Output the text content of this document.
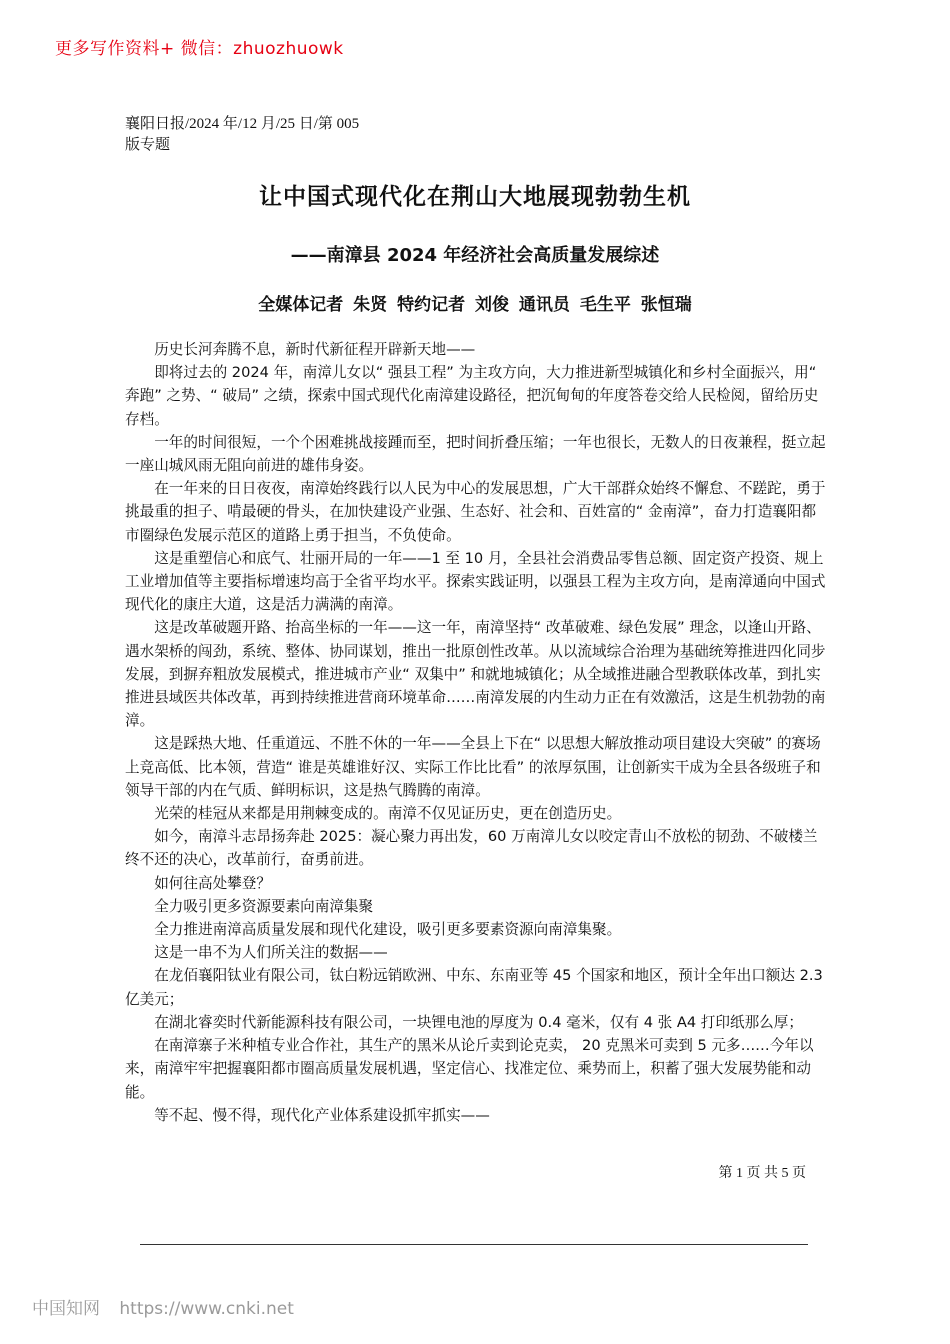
更多写作资料+ 微信：zhuozhuowk
襄阳日报/2024 年/12 月/25 日/第 005
版专题
让中国式现代化在荆山大地展现勃勃生机
——南漳县 2024 年经济社会高质量发展综述
全媒体记者 朱贤 特约记者 刘俊 通讯员 毛生平 张恒瑞

历史长河奔腾不息，新时代新征程开辟新天地——

即将过去的 2024 年，南漳儿女以“ 强县工程” 为主攻方向，大力推进新型城镇化和乡村全面振兴，用“ 奔跑” 之势、“ 破局” 之绩，探索中国式现代化南漳建设路径，把沉甸甸的年度答卷交给人民检阅，留给历史存档。

一年的时间很短，一个个困难挑战接踵而至，把时间折叠压缩；一年也很长，无数人的日夜兼程，挺立起一座山城风雨无阻向前进的雄伟身姿。

在一年来的日日夜夜，南漳始终践行以人民为中心的发展思想，广大干部群众始终不懈怠、不蹉跎，勇于挑最重的担子、啃最硬的骨头，在加快建设产业强、生态好、社会和、百姓富的“ 金南漳”，奋力打造襄阳都市圈绿色发展示范区的道路上勇于担当，不负使命。

这是重塑信心和底气、壮丽开局的一年——1 至 10 月，全县社会消费品零售总额、固定资产投资、规上工业增加值等主要指标增速均高于全省平均水平。探索实践证明，以强县工程为主攻方向，是南漳通向中国式现代化的康庄大道，这是活力满满的南漳。

这是改革破题开路、抬高坐标的一年——这一年，南漳坚持“ 改革破难、绿色发展” 理念，以逢山开路、遇水架桥的闯劲，系统、整体、协同谋划，推出一批原创性改革。从以流域综合治理为基础统筹推进四化同步发展，到摒弃粗放发展模式，推进城市产业“ 双集中” 和就地城镇化；从全域推进融合型教联体改革，到扎实推进县域医共体改革，再到持续推进营商环境革命……南漳发展的内生动力正在有效激活，这是生机勃勃的南漳。

这是踩热大地、任重道远、不胜不休的一年——全县上下在“ 以思想大解放推动项目建设大突破” 的赛场上竞高低、比本领，营造“ 谁是英雄谁好汉、实际工作比比看” 的浓厚氛围，让创新实干成为全县各级班子和领导干部的内在气质、鲜明标识，这是热气腾腾的南漳。

光荣的桂冠从来都是用荆棘变成的。南漳不仅见证历史，更在创造历史。

如今，南漳斗志昂扬奔赴 2025：凝心聚力再出发，60 万南漳儿女以咬定青山不放松的韧劲、不破楼兰终不还的决心，改革前行，奋勇前进。

如何往高处攀登？

全力吸引更多资源要素向南漳集聚

全力推进南漳高质量发展和现代化建设，吸引更多要素资源向南漳集聚。

这是一串不为人们所关注的数据——

在龙佰襄阳钛业有限公司，钛白粉远销欧洲、中东、东南亚等 45 个国家和地区，预计全年出口额达 2.3 亿美元；

在湖北睿奕时代新能源科技有限公司，一块锂电池的厚度为 0.4 毫米，仅有 4 张 A4 打印纸那么厚；

在南漳寨子米种植专业合作社，其生产的黑米从论斤卖到论克卖， 20 克黑米可卖到 5 元多……今年以来，南漳牢牢把握襄阳都市圈高质量发展机遇，坚定信心、找准定位、乘势而上，积蓄了强大发展势能和动能。

等不起、慢不得，现代化产业体系建设抓牢抓实——

第 1 页 共 5 页
中国知网 https://www.cnki.net
